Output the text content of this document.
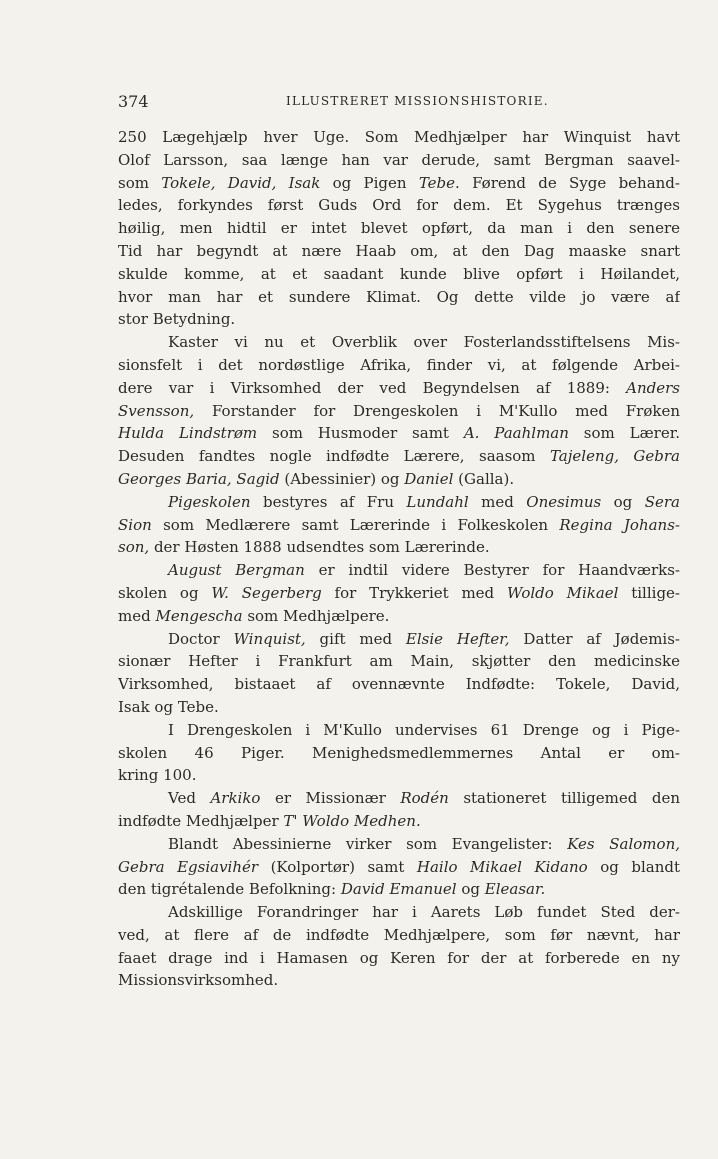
374	ILLUSTRERET MISSIONSHISTORIE.
250 Lægehjælp hver Uge. Som Medhjælper har Winquist havt
Olof Larsson, saa længe han var derude, samt Bergman saavel-
som Tokele, David, Isak og Pigen Tebe. Førend de Syge behand-
ledes, forkyndes først Guds Ord for dem. Et Sygehus trænges
høilig, men hidtil er intet blevet opført, da man i den senere
Tid har begyndt at nære Haab om, at den Dag maaske snart
skulde komme, at et saadant kunde blive opført i Høilandet,
hvor man har et sundere Klimat. Og dette vilde jo være af
stor Betydning.
Kaster vi nu et Overblik over Fosterlandsstiftelsens Mis-
sionsfelt i det nordøstlige Afrika, finder vi, at følgende Arbei-
dere var i Virksomhed der ved Begyndelsen af 1889: Anders
Svensson, Forstander for Drengeskolen i M'Kullo med Frøken
Hulda Lindstrøm som Husmoder samt A. Paahlman som Lærer.
Desuden fandtes nogle indfødte Lærere, saasom Tajeleng, Gebra
Georges Baria, Sagid (Abessinier) og Daniel (Galla).
Pigeskolen bestyres af Fru Lundahl med Onesimus og Sera
Sion som Medlærere samt Lærerinde i Folkeskolen Regina Johans-
son, der Høsten 1888 udsendtes som Lærerinde.
August Bergman er indtil videre Bestyrer for Haandværks-
skolen og W. Segerberg for Trykkeriet med Woldo Mikael tillige-
med Mengescha som Medhjælpere.
Doctor Winquist, gift med Elsie Hefter, Datter af Jødemis-
sionær Hefter i Frankfurt am Main, skjøtter den medicinske
Virksomhed, bistaaet af ovennævnte Indfødte: Tokele, David,
Isak og Tebe.
I Drengeskolen i M'Kullo undervises 61 Drenge og i Pige-
skolen 46 Piger. Menighedsmedlemmernes Antal er om-
kring 100.
Ved Arkiko er Missionær Rodén stationeret tilligemed den
indfødte Medhjælper T' Woldo Medhen.
Blandt Abessinierne virker som Evangelister: Kes Salomon,
Gebra Egsiavihér (Kolportør) samt Hailo Mikael Kidano og blandt
den tigrétalende Befolkning: David Emanuel og Eleasar.
Adskillige Forandringer har i Aarets Løb fundet Sted der-
ved, at flere af de indfødte Medhjælpere, som før nævnt, har
faaet drage ind i Hamasen og Keren for der at forberede en ny
Missionsvirksomhed.
